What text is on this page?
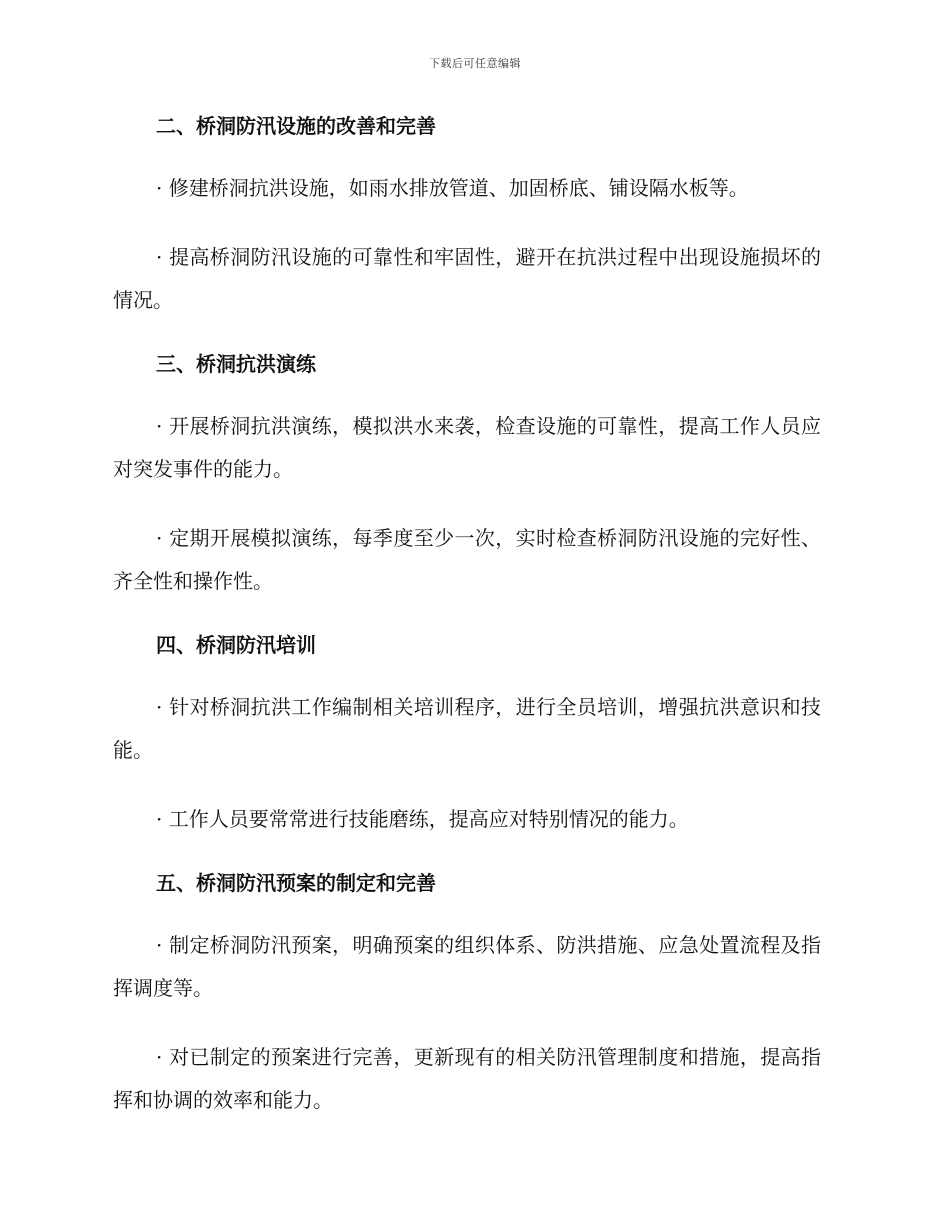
下载后可任意编辑
二、桥洞防汛设施的改善和完善

· 修建桥洞抗洪设施，如雨水排放管道、加固桥底、铺设隔水板等。

· 提高桥洞防汛设施的可靠性和牢固性，避开在抗洪过程中出现设施损坏的情况。

三、桥洞抗洪演练

· 开展桥洞抗洪演练，模拟洪水来袭，检查设施的可靠性，提高工作人员应对突发事件的能力。

· 定期开展模拟演练，每季度至少一次，实时检查桥洞防汛设施的完好性、齐全性和操作性。

四、桥洞防汛培训

· 针对桥洞抗洪工作编制相关培训程序，进行全员培训，增强抗洪意识和技能。

· 工作人员要常常进行技能磨练，提高应对特别情况的能力。

五、桥洞防汛预案的制定和完善

· 制定桥洞防汛预案，明确预案的组织体系、防洪措施、应急处置流程及指挥调度等。

· 对已制定的预案进行完善，更新现有的相关防汛管理制度和措施，提高指挥和协调的效率和能力。
